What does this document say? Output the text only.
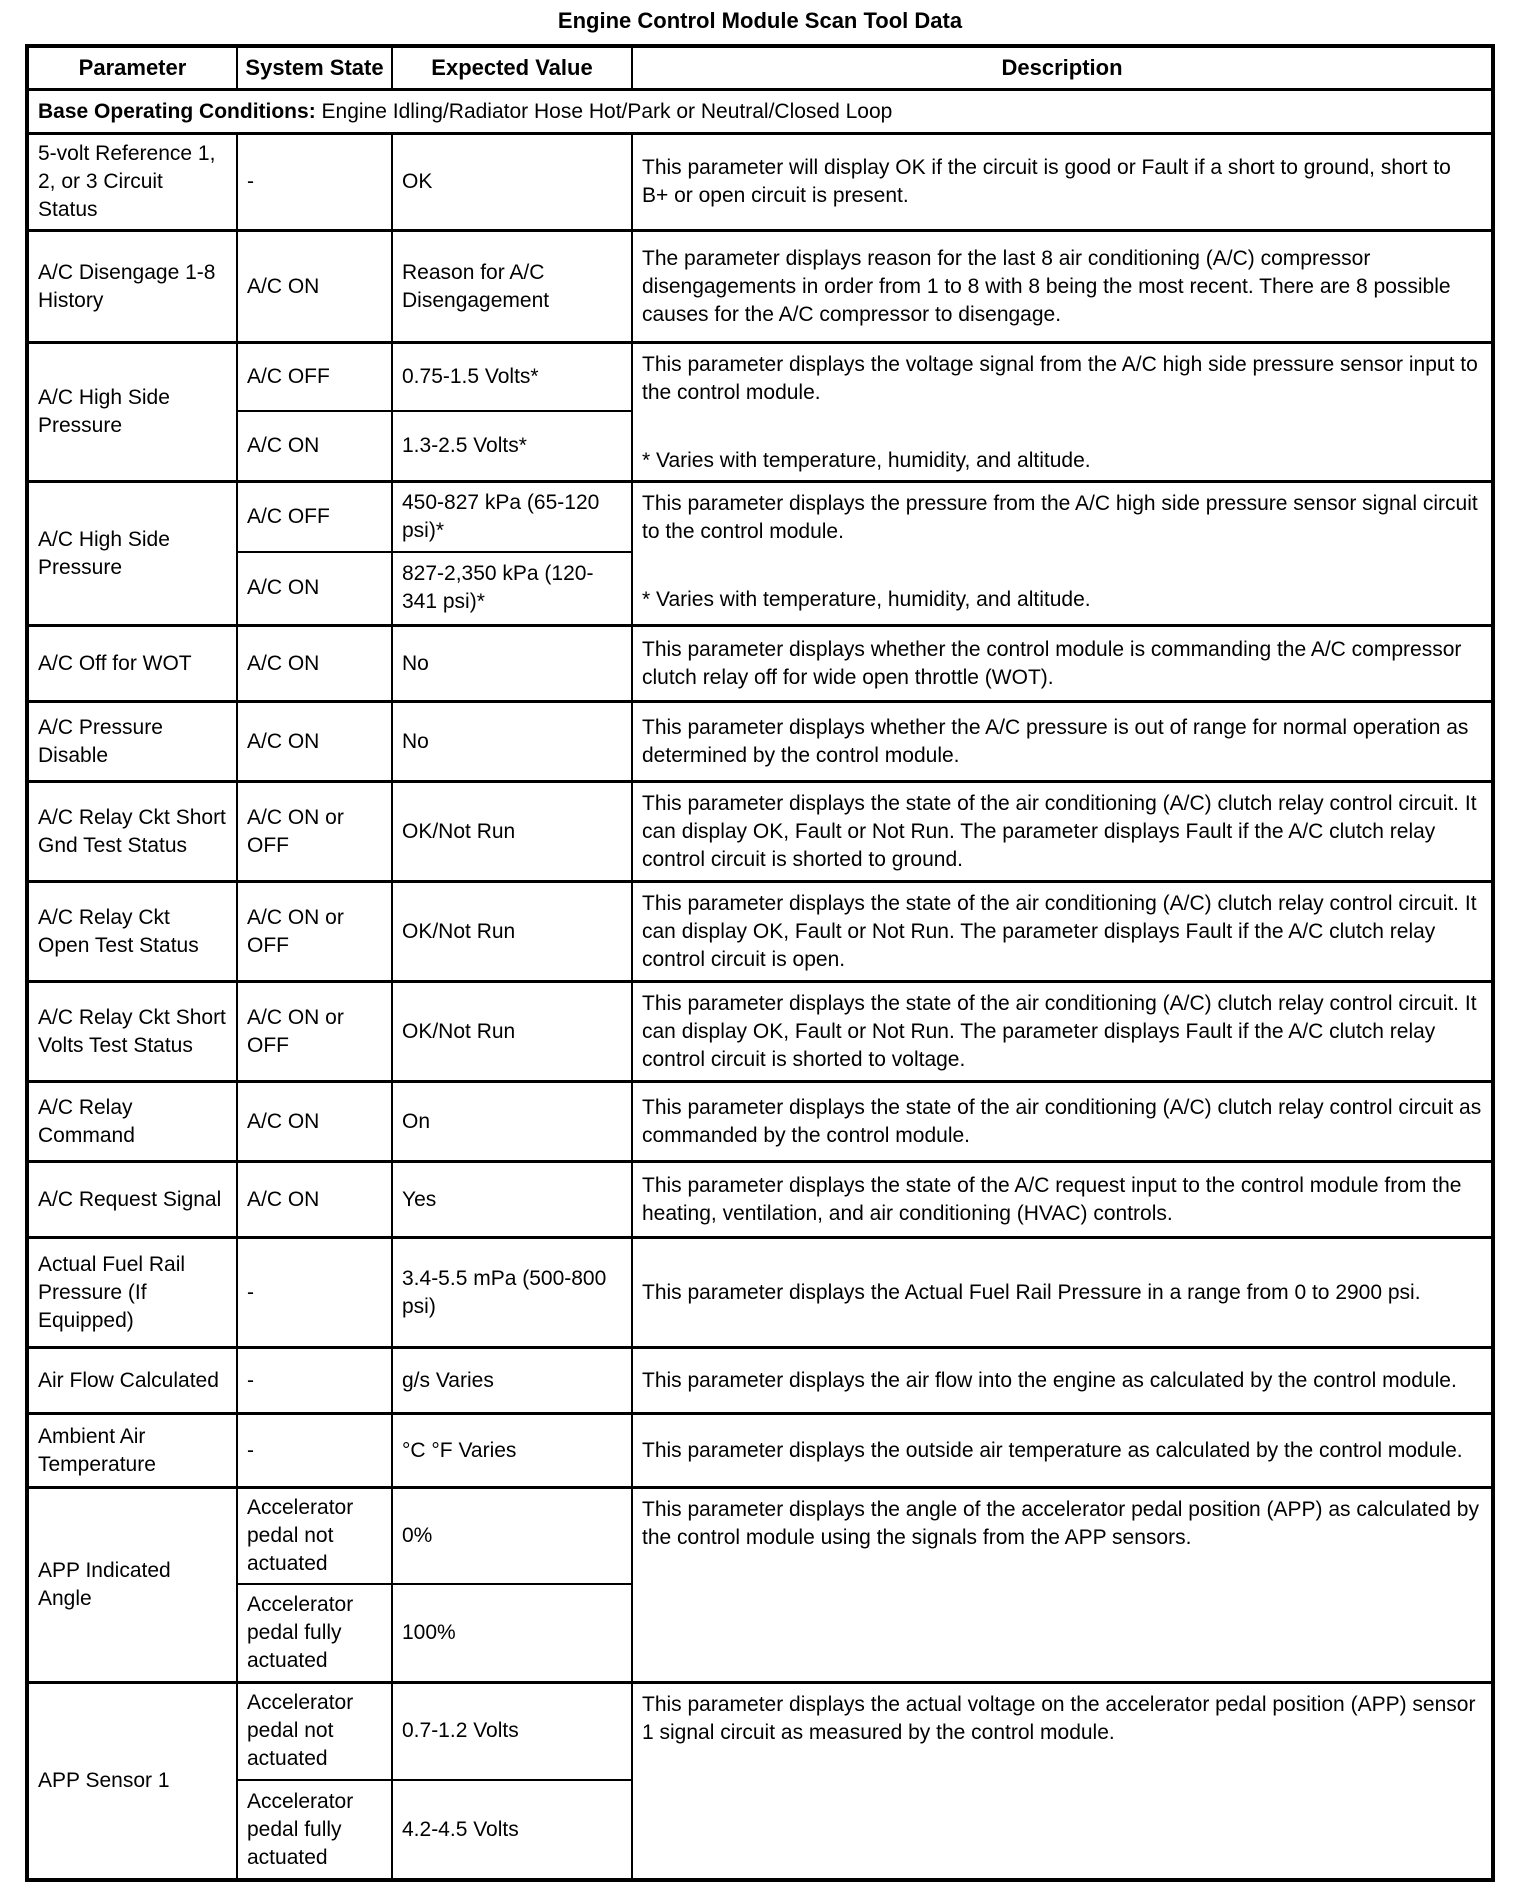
Engine Control Module Scan Tool Data
Parameter	System State	Expected Value	Description
Base Operating Conditions: Engine Idling/Radiator Hose Hot/Park or Neutral/Closed Loop			
5-volt Reference 1, 2, or 3 Circuit Status	-	OK	This parameter will display OK if the circuit is good or Fault if a short to ground, short to B+ or open circuit is present.
A/C Disengage 1-8 History	A/C ON	Reason for A/C Disengagement	The parameter displays reason for the last 8 air conditioning (A/C) compressor disengagements in order from 1 to 8 with 8 being the most recent. There are 8 possible causes for the A/C compressor to disengage.
A/C High Side Pressure	A/C OFF	0.75-1.5 Volts*	This parameter displays the voltage signal from the A/C high side pressure sensor input to the control module.

* Varies with temperature, humidity, and altitude.

	A/C ON	1.3-2.5 Volts*	
A/C High Side Pressure	A/C OFF	450-827 kPa (65-120 psi)*	This parameter displays the pressure from the A/C high side pressure sensor signal circuit to the control module.

* Varies with temperature, humidity, and altitude.

	A/C ON	827-2,350 kPa (120-341 psi)*	
A/C Off for WOT	A/C ON	No	This parameter displays whether the control module is commanding the A/C compressor clutch relay off for wide open throttle (WOT).
A/C Pressure Disable	A/C ON	No	This parameter displays whether the A/C pressure is out of range for normal operation as determined by the control module.
A/C Relay Ckt Short Gnd Test Status	A/C ON or OFF	OK/Not Run	This parameter displays the state of the air conditioning (A/C) clutch relay control circuit. It can display OK, Fault or Not Run. The parameter displays Fault if the A/C clutch relay control circuit is shorted to ground.
A/C Relay Ckt Open Test Status	A/C ON or OFF	OK/Not Run	This parameter displays the state of the air conditioning (A/C) clutch relay control circuit. It can display OK, Fault or Not Run. The parameter displays Fault if the A/C clutch relay control circuit is open.
A/C Relay Ckt Short Volts Test Status	A/C ON or OFF	OK/Not Run	This parameter displays the state of the air conditioning (A/C) clutch relay control circuit. It can display OK, Fault or Not Run. The parameter displays Fault if the A/C clutch relay control circuit is shorted to voltage.
A/C Relay Command	A/C ON	On	This parameter displays the state of the air conditioning (A/C) clutch relay control circuit as commanded by the control module.
A/C Request Signal	A/C ON	Yes	This parameter displays the state of the A/C request input to the control module from the heating, ventilation, and air conditioning (HVAC) controls.
Actual Fuel Rail Pressure (If Equipped)	-	3.4-5.5 mPa (500-800 psi)	This parameter displays the Actual Fuel Rail Pressure in a range from 0 to 2900 psi.
Air Flow Calculated	-	g/s Varies	This parameter displays the air flow into the engine as calculated by the control module.
Ambient Air Temperature	-	°C °F Varies	This parameter displays the outside air temperature as calculated by the control module.
APP Indicated Angle	Accelerator pedal not actuated	0%	This parameter displays the angle of the accelerator pedal position (APP) as calculated by the control module using the signals from the APP sensors.
	Accelerator pedal fully actuated	100%	
APP Sensor 1	Accelerator pedal not actuated	0.7-1.2 Volts	This parameter displays the actual voltage on the accelerator pedal position (APP) sensor 1 signal circuit as measured by the control module.
	Accelerator pedal fully actuated	4.2-4.5 Volts	
